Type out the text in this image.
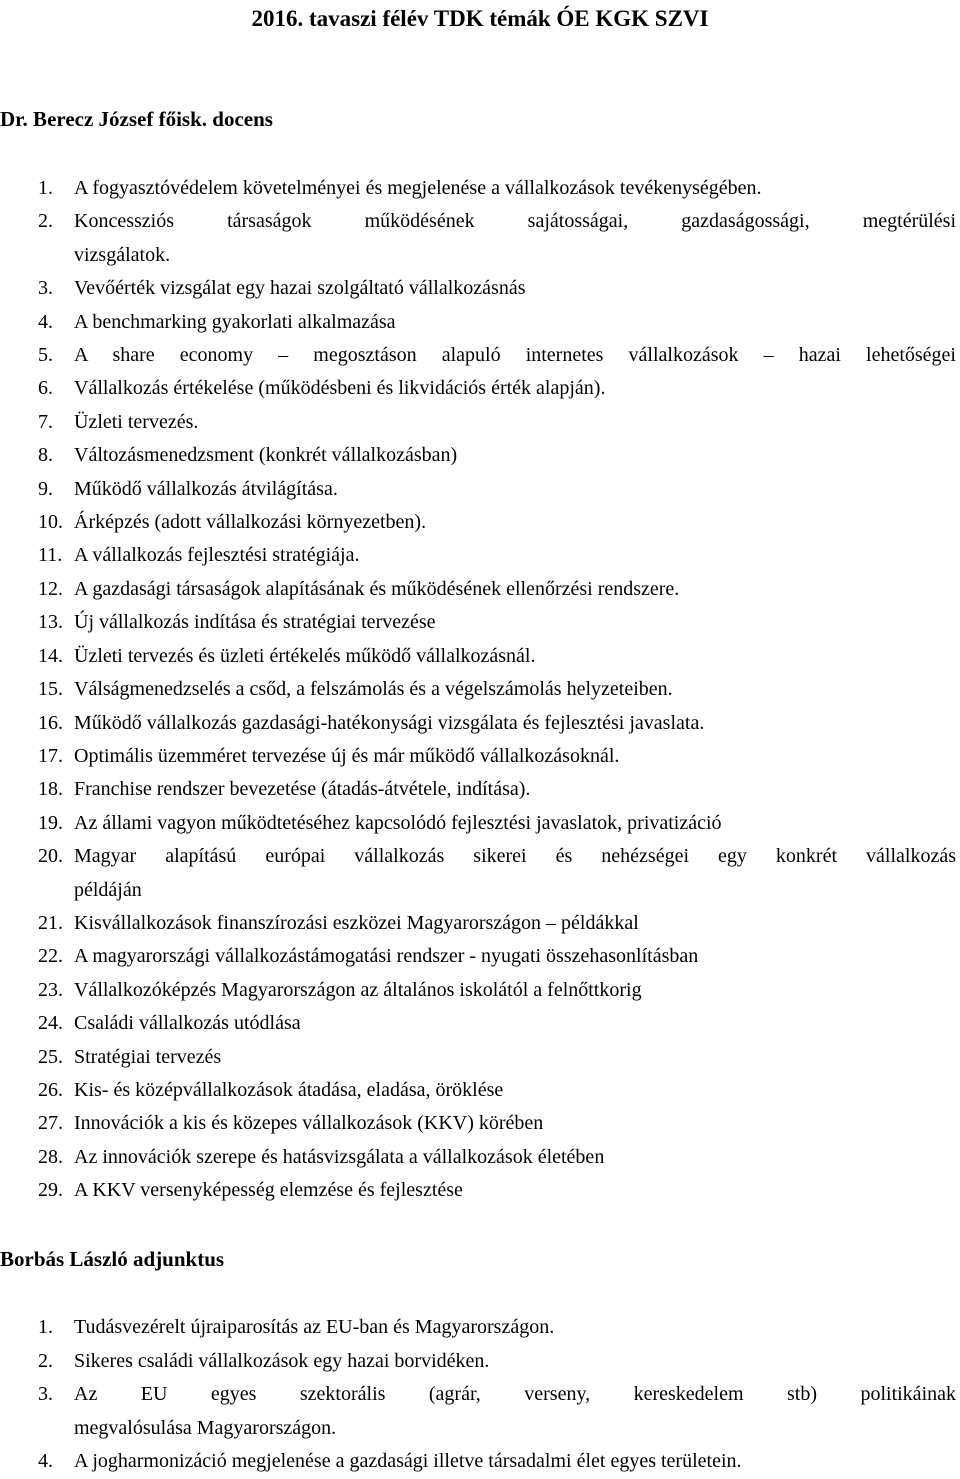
2016. tavaszi félév TDK témák ÓE KGK SZVI
Dr. Berecz József főisk. docens
1. A fogyasztóvédelem követelményei és megjelenése a vállalkozások tevékenységében.
2. Koncessziós társaságok működésének sajátosságai, gazdaságossági, megtérülési
vizsgálatok.
3. Vevőérték vizsgálat egy hazai szolgáltató vállalkozásnás
4. A benchmarking gyakorlati alkalmazása
5. A share economy – megosztáson alapuló internetes vállalkozások – hazai lehetőségei
6. Vállalkozás értékelése (működésbeni és likvidációs érték alapján).
7. Üzleti tervezés.
8. Változásmenedzsment (konkrét vállalkozásban)
9. Működő vállalkozás átvilágítása.
10. Árképzés (adott vállalkozási környezetben).
11. A vállalkozás fejlesztési stratégiája.
12. A gazdasági társaságok alapításának és működésének ellenőrzési rendszere.
13. Új vállalkozás indítása és stratégiai tervezése
14. Üzleti tervezés és üzleti értékelés működő vállalkozásnál.
15. Válságmenedzselés a csőd, a felszámolás és a végelszámolás helyzeteiben.
16. Működő vállalkozás gazdasági-hatékonysági vizsgálata és fejlesztési javaslata.
17. Optimális üzemméret tervezése új és már működő vállalkozásoknál.
18. Franchise rendszer bevezetése (átadás-átvétele, indítása).
19. Az állami vagyon működtetéséhez kapcsolódó fejlesztési javaslatok, privatizáció
20. Magyar alapítású európai vállalkozás sikerei és nehézségei egy konkrét vállalkozás
példáján
21. Kisvállalkozások finanszírozási eszközei Magyarországon – példákkal
22. A magyarországi vállalkozástámogatási rendszer - nyugati összehasonlításban
23. Vállalkozóképzés Magyarországon az általános iskolától a felnőttkorig
24. Családi vállalkozás utódlása
25. Stratégiai tervezés
26. Kis- és középvállalkozások átadása, eladása, öröklése
27. Innovációk a kis és közepes vállalkozások (KKV) körében
28. Az innovációk szerepe és hatásvizsgálata a vállalkozások életében
29. A KKV versenyképesség elemzése és fejlesztése
Borbás László adjunktus
1. Tudásvezérelt újraiparosítás az EU-ban és Magyarországon.
2. Sikeres családi vállalkozások egy hazai borvidéken.
3. Az EU egyes szektorális (agrár, verseny, kereskedelem stb) politikáinak
megvalósulása Magyarországon.
4. A jogharmonizáció megjelenése a gazdasági illetve társadalmi élet egyes területein.
